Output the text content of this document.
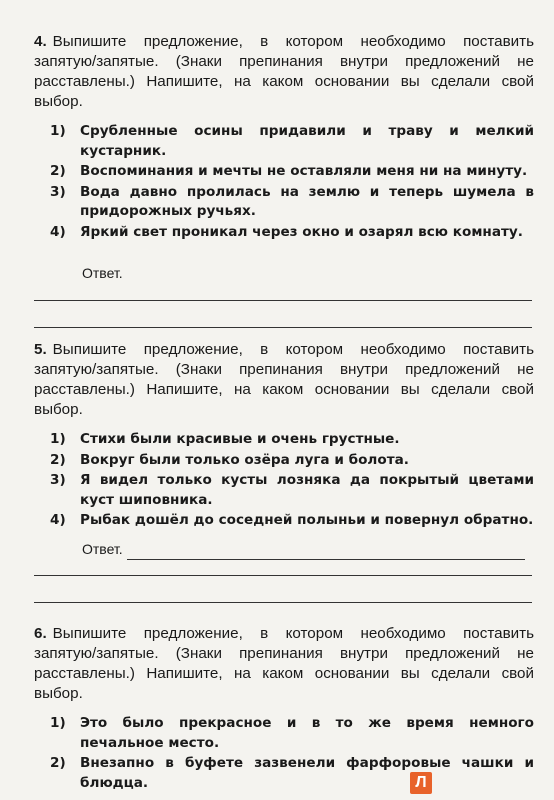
4. Выпишите предложение, в котором необходимо поставить запятую/запятые. (Знаки препинания внутри предложений не расставлены.) Напишите, на каком основании вы сделали свой выбор.

1) Срубленные осины придавили и траву и мелкий кустарник.
2) Воспоминания и мечты не оставляли меня ни на минуту.
3) Вода давно пролилась на землю и теперь шумела в придорожных ручьях.
4) Яркий свет проникал через окно и озарял всю комнату.
Ответ.

5. Выпишите предложение, в котором необходимо поставить запятую/запятые. (Знаки препинания внутри предложений не расставлены.) Напишите, на каком основании вы сделали свой выбор.

1) Стихи были красивые и очень грустные.
2) Вокруг были только озёра луга и болота.
3) Я видел только кусты лозняка да покрытый цветами куст шиповника.
4) Рыбак дошёл до соседней полыньи и повернул обратно.
Ответ.

6. Выпишите предложение, в котором необходимо поставить запятую/запятые. (Знаки препинания внутри предложений не расставлены.) Напишите, на каком основании вы сделали свой выбор.

1) Это было прекрасное и в то же время немного печальное место.
2) Внезапно в буфете зазвенели фарфоровые чашки и блюдца.	Л
